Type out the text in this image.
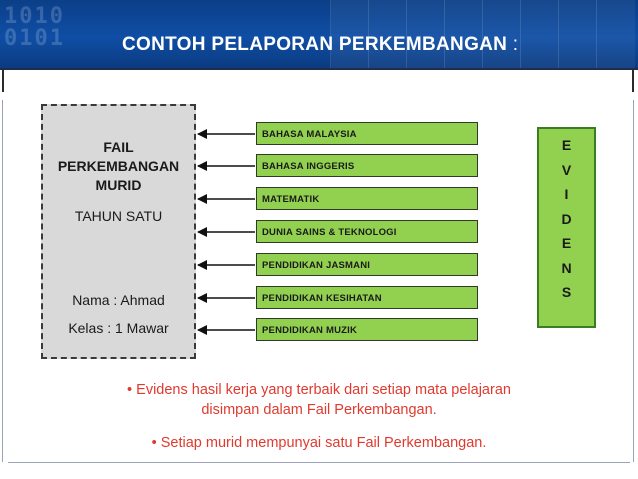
1010
0101	CONTOH PELAPORAN PERKEMBANGAN :
FAIL
PERKEMBANGAN
MURID
TAHUN SATU
Nama : Ahmad
Kelas : 1 Mawar
BAHASA MALAYSIA
BAHASA INGGERIS
MATEMATIK
DUNIA SAINS & TEKNOLOGI
PENDIDIKAN JASMANI
PENDIDIKAN KESIHATAN
PENDIDIKAN MUZIK
E
V
I
D
E
N
S
• Evidens hasil kerja yang terbaik dari setiap mata pelajaran
disimpan dalam Fail Perkembangan.
• Setiap murid mempunyai satu Fail Perkembangan.
